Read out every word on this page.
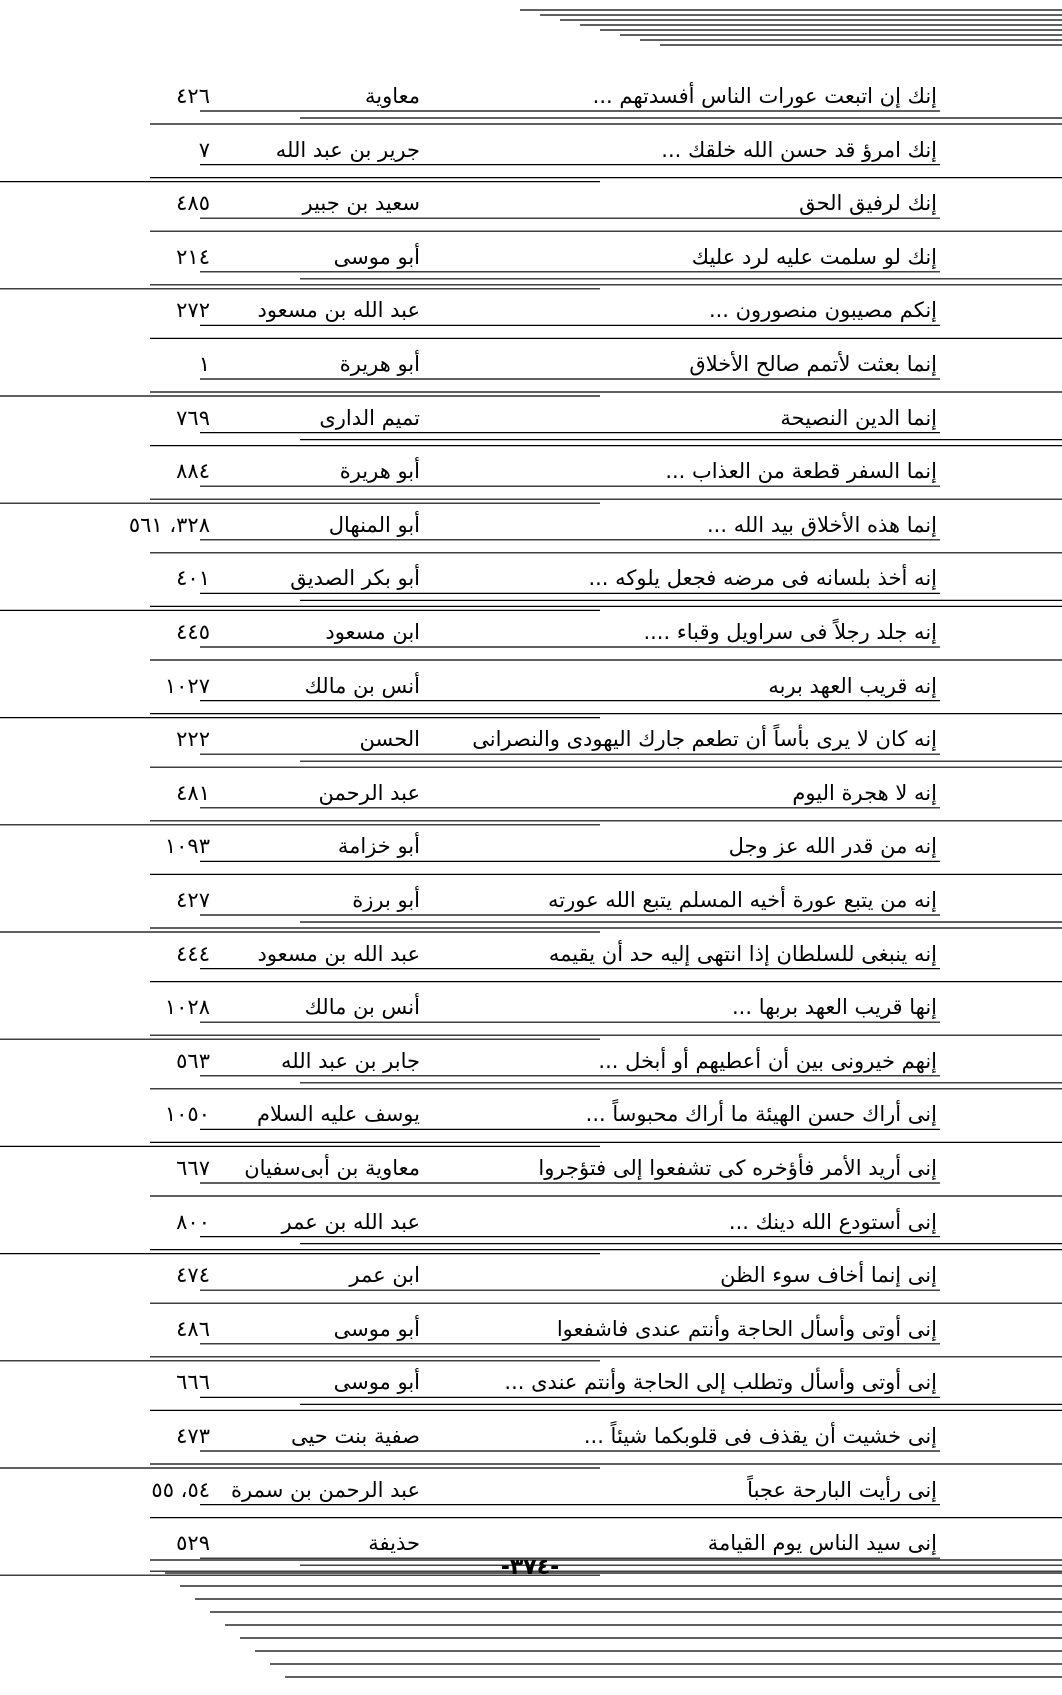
إنك إن اتبعت عورات الناس أفسدتهم ...
معاوية
٤٢٦
إنك امرؤ قد حسن الله خلقك ...
جرير بن عبد الله
٧
إنك لرفيق الحق
سعيد بن جبير
٤٨٥
إنك لو سلمت عليه لرد عليك
أبو موسى
٢١٤
إنكم مصيبون منصورون ...
عبد الله بن مسعود
٢٧٢
إنما بعثت لأتمم صالح الأخلاق
أبو هريرة
١
إنما الدين النصيحة
تميم الدارى
٧٦٩
إنما السفر قطعة من العذاب ...
أبو هريرة
٨٨٤
إنما هذه الأخلاق بيد الله ...
أبو المنهال
٣٢٨، ٥٦١
إنه أخذ بلسانه فى مرضه فجعل يلوكه ...
أبو بكر الصديق
٤٠١
إنه جلد رجلاً فى سراويل وقباء ....
ابن مسعود
٤٤٥
إنه قريب العهد بربه
أنس بن مالك
١٠٢٧
إنه كان لا يرى بأساً أن تطعم جارك اليهودى والنصرانى
الحسن
٢٢٢
إنه لا هجرة اليوم
عبد الرحمن
٤٨١
إنه من قدر الله عز وجل
أبو خزامة
١٠٩٣
إنه من يتبع عورة أخيه المسلم يتبع الله عورته
أبو برزة
٤٢٧
إنه ينبغى للسلطان إذا انتهى إليه حد أن يقيمه
عبد الله بن مسعود
٤٤٤
إنها قريب العهد بربها ...
أنس بن مالك
١٠٢٨
إنهم خيرونى بين أن أعطيهم أو أبخل ...
جابر بن عبد الله
٥٦٣
إنى أراك حسن الهيئة ما أراك محبوساً ...
يوسف عليه السلام
١٠٥٠
إنى أريد الأمر فأؤخره كى تشفعوا إلى فتؤجروا
معاوية بن أبى‌سفيان
٦٦٧
إنى أستودع الله دينك ...
عبد الله بن عمر
٨٠٠
إنى إنما أخاف سوء الظن
ابن عمر
٤٧٤
إنى أوتى وأسأل الحاجة وأنتم عندى فاشفعوا
أبو موسى
٤٨٦
إنى أوتى وأسأل وتطلب إلى الحاجة وأنتم عندى ...
أبو موسى
٦٦٦
إنى خشيت أن يقذف فى قلوبكما شيئاً ...
صفية بنت حيى
٤٧٣
إنى رأيت البارحة عجباً
عبد الرحمن بن سمرة
٥٤، ٥٥
إنى سيد الناس يوم القيامة
حذيفة
٥٢٩
-٣٧٤-
